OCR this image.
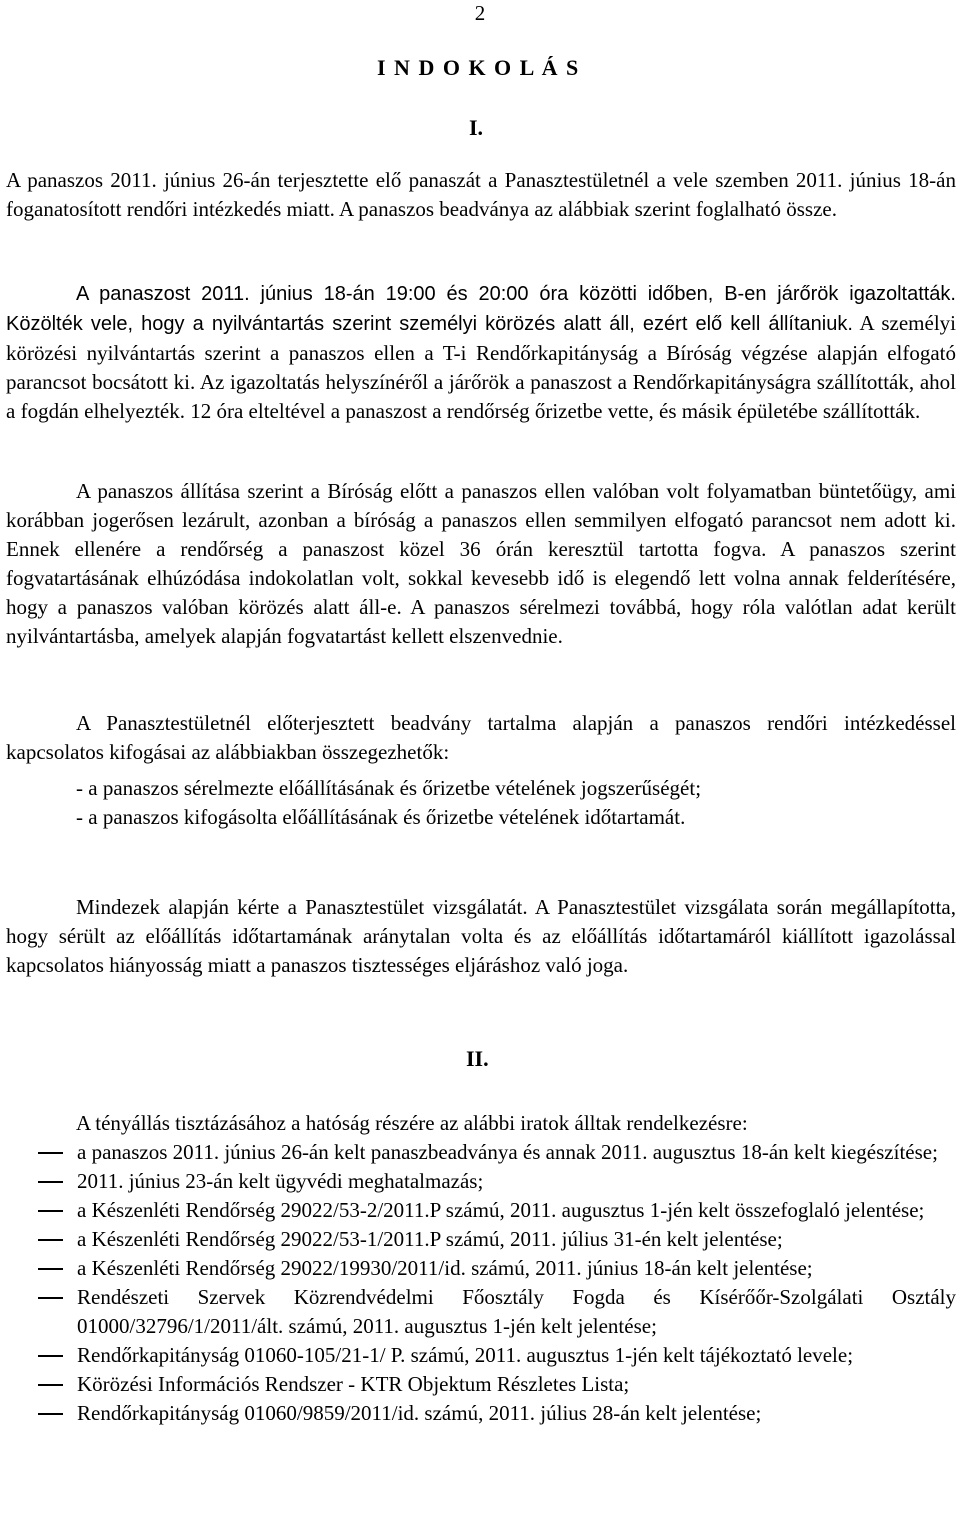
2
I N D O K O L Á S
I.

A panaszos 2011. június 26-án terjesztette elő panaszát a Panasztestületnél a vele szemben 2011. június 18-án foganatosított rendőri intézkedés miatt. A panaszos beadványa az alábbiak szerint foglalható össze.

A panaszost 2011. június 18-án 19:00 és 20:00 óra közötti időben, B-en járőrök igazoltatták. Közölték vele, hogy a nyilvántartás szerint személyi körözés alatt áll, ezért elő kell állítaniuk. A személyi körözési nyilvántartás szerint a panaszos ellen a T-i Rendőrkapitányság a Bíróság végzése alapján elfogató parancsot bocsátott ki. Az igazoltatás helyszínéről a járőrök a panaszost a Rendőrkapitányságra szállították, ahol a fogdán elhelyezték. 12 óra elteltével a panaszost a rendőrség őrizetbe vette, és másik épületébe szállították.

A panaszos állítása szerint a Bíróság előtt a panaszos ellen valóban volt folyamatban büntetőügy, ami korábban jogerősen lezárult, azonban a bíróság a panaszos ellen semmilyen elfogató parancsot nem adott ki. Ennek ellenére a rendőrség a panaszost közel 36 órán keresztül tartotta fogva. A panaszos szerint fogvatartásának elhúzódása indokolatlan volt, sokkal kevesebb idő is elegendő lett volna annak felderítésére, hogy a panaszos valóban körözés alatt áll-e. A panaszos sérelmezi továbbá, hogy róla valótlan adat került nyilvántartásba, amelyek alapján fogvatartást kellett elszenvednie.

A Panasztestületnél előterjesztett beadvány tartalma alapján a panaszos rendőri intézkedéssel kapcsolatos kifogásai az alábbiakban összegezhetők:

- a panaszos sérelmezte előállításának és őrizetbe vételének jogszerűségét;
- a panaszos kifogásolta előállításának és őrizetbe vételének időtartamát.

Mindezek alapján kérte a Panasztestület vizsgálatát. A Panasztestület vizsgálata során megállapította, hogy sérült az előállítás időtartamának aránytalan volta és az előállítás időtartamáról kiállított igazolással kapcsolatos hiányosság miatt a panaszos tisztességes eljáráshoz való joga.

II.

A tényállás tisztázásához a hatóság részére az alábbi iratok álltak rendelkezésre:

a panaszos 2011. június 26-án kelt panaszbeadványa és annak 2011. augusztus 18-án kelt kiegészítése;
2011. június 23-án kelt ügyvédi meghatalmazás;
a Készenléti Rendőrség 29022/53-2/2011.P számú, 2011. augusztus 1-jén kelt összefoglaló jelentése;
a Készenléti Rendőrség 29022/53-1/2011.P számú, 2011. július 31-én kelt jelentése;
a Készenléti Rendőrség 29022/19930/2011/id. számú, 2011. június 18-án kelt jelentése;
Rendészeti Szervek Közrendvédelmi Főosztály Fogda és Kísérőőr-Szolgálati Osztály 01000/32796/1/2011/ált. számú, 2011. augusztus 1-jén kelt jelentése;
Rendőrkapitányság 01060-105/21-1/ P. számú, 2011. augusztus 1-jén kelt tájékoztató levele;
Körözési Információs Rendszer - KTR Objektum Részletes Lista;
Rendőrkapitányság 01060/9859/2011/id. számú, 2011. július 28-án kelt jelentése;
